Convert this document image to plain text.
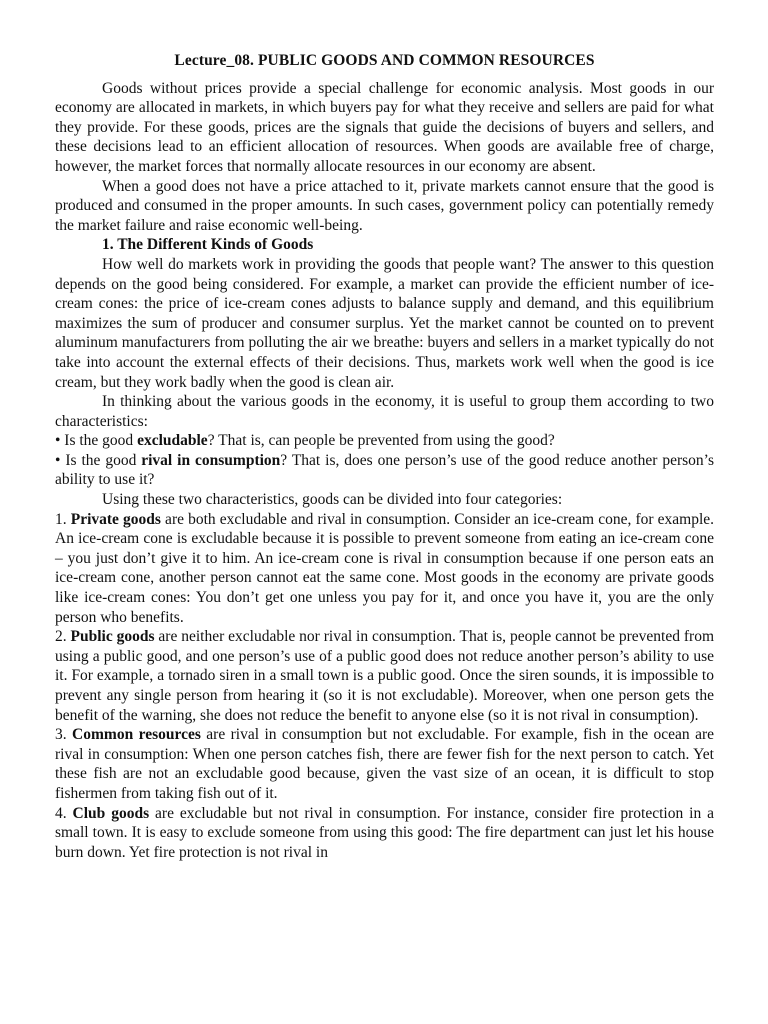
Lecture_08. PUBLIC GOODS AND COMMON RESOURCES

Goods without prices provide a special challenge for economic analysis. Most goods in our economy are allocated in markets, in which buyers pay for what they receive and sellers are paid for what they provide. For these goods, prices are the signals that guide the decisions of buyers and sellers, and these decisions lead to an efficient allocation of resources. When goods are available free of charge, however, the market forces that normally allocate resources in our economy are absent.

When a good does not have a price attached to it, private markets cannot ensure that the good is produced and consumed in the proper amounts. In such cases, government policy can potentially remedy the market failure and raise economic well-being.

1. The Different Kinds of Goods

How well do markets work in providing the goods that people want? The answer to this question depends on the good being considered. For example, a market can provide the efficient number of ice-cream cones: the price of ice-cream cones adjusts to balance supply and demand, and this equilibrium maximizes the sum of producer and consumer surplus. Yet the market cannot be counted on to prevent aluminum manufacturers from polluting the air we breathe: buyers and sellers in a market typically do not take into account the external effects of their decisions. Thus, markets work well when the good is ice cream, but they work badly when the good is clean air.

In thinking about the various goods in the economy, it is useful to group them according to two characteristics:

• Is the good excludable? That is, can people be prevented from using the good?

• Is the good rival in consumption? That is, does one person’s use of the good reduce another person’s ability to use it?

Using these two characteristics, goods can be divided into four categories:

1. Private goods are both excludable and rival in consumption. Consider an ice-cream cone, for example. An ice-cream cone is excludable because it is possible to prevent someone from eating an ice-cream cone – you just don’t give it to him. An ice-cream cone is rival in consumption because if one person eats an ice-cream cone, another person cannot eat the same cone. Most goods in the economy are private goods like ice-cream cones: You don’t get one unless you pay for it, and once you have it, you are the only person who benefits.

2. Public goods are neither excludable nor rival in consumption. That is, people cannot be prevented from using a public good, and one person’s use of a public good does not reduce another person’s ability to use it. For example, a tornado siren in a small town is a public good. Once the siren sounds, it is impossible to prevent any single person from hearing it (so it is not excludable). Moreover, when one person gets the benefit of the warning, she does not reduce the benefit to anyone else (so it is not rival in consumption).

3. Common resources are rival in consumption but not excludable. For example, fish in the ocean are rival in consumption: When one person catches fish, there are fewer fish for the next person to catch. Yet these fish are not an excludable good because, given the vast size of an ocean, it is difficult to stop fishermen from taking fish out of it.

4. Club goods are excludable but not rival in consumption. For instance, consider fire protection in a small town. It is easy to exclude someone from using this good: The fire department can just let his house burn down. Yet fire protection is not rival in
